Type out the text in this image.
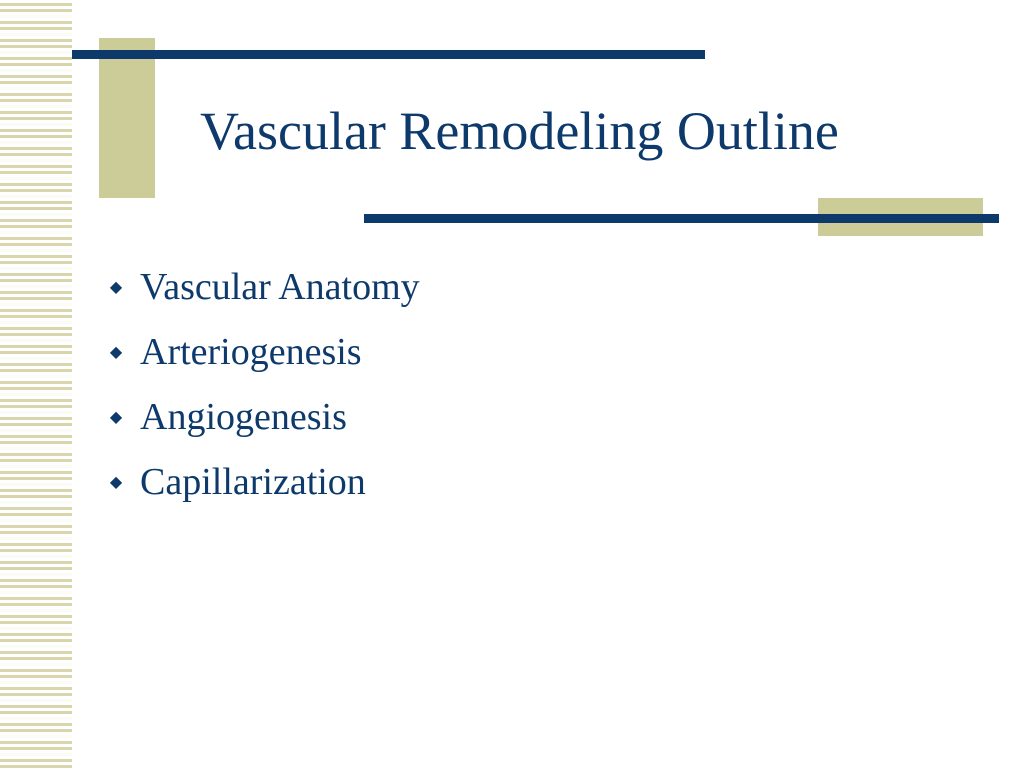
Vascular Remodeling Outline
◆ Vascular Anatomy
◆ Arteriogenesis
◆ Angiogenesis
◆ Capillarization
